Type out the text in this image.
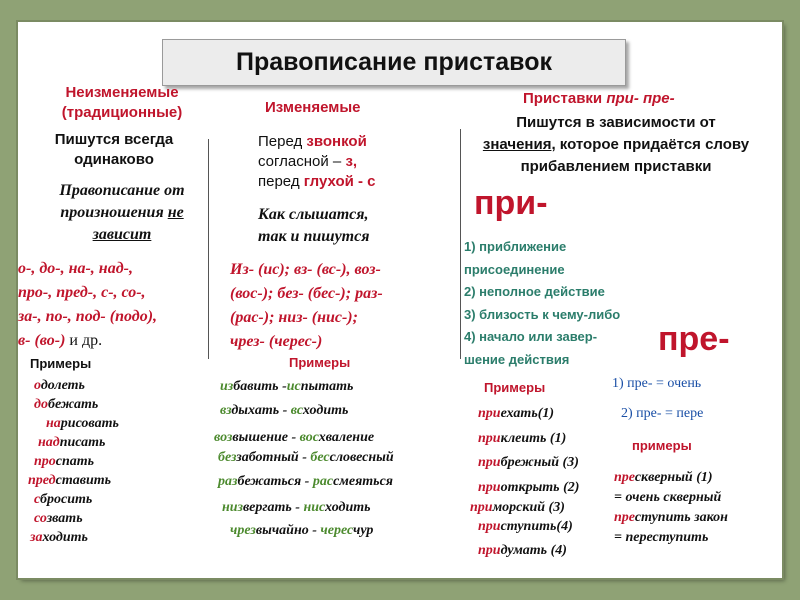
Правописание приставок
Неизменяемые
(традиционные)
Пишутся всегда
одинаково
Правописание от
произношения не
зависит
о-, до-, на-, над-,
про-, пред-, с-, со-,
за-, по-, под- (подо),
в- (во-) и др.
Примеры
одолеть
добежать
нарисовать
надписать
проспать
представить
сбросить
созвать
заходить
Изменяемые
Перед звонкой
согласной – з,
перед глухой - с
Как слышатся,
так и пишутся
Из- (ис); вз- (вс-), воз-
(вос-); без- (бес-); раз-
(рас-); низ- (нис-);
чрез- (черес-)
Примеры
избавить -испытать
вздыхать - всходить
возвышение - восхваление
беззаботный - бессловесный
разбежаться - рассмеяться
низвергать - нисходить
чрезвычайно - чересчур
Приставки при- пре-
Пишутся в зависимости от
значения, которое придаётся слову
прибавлением приставки
при-
1) приближение
присоединение
2) неполное действие
3) близость к чему-либо
4) начало или завер-
шение действия
пре-
Примеры
приехать(1)
приклеить (1)
прибрежный (3)
приоткрыть (2)
приморский (3)
приступить(4)
придумать (4)
1) пре- = очень
2) пре- = пере
примеры
прескверный (1)
= очень скверный
преступить закон
= переступить
